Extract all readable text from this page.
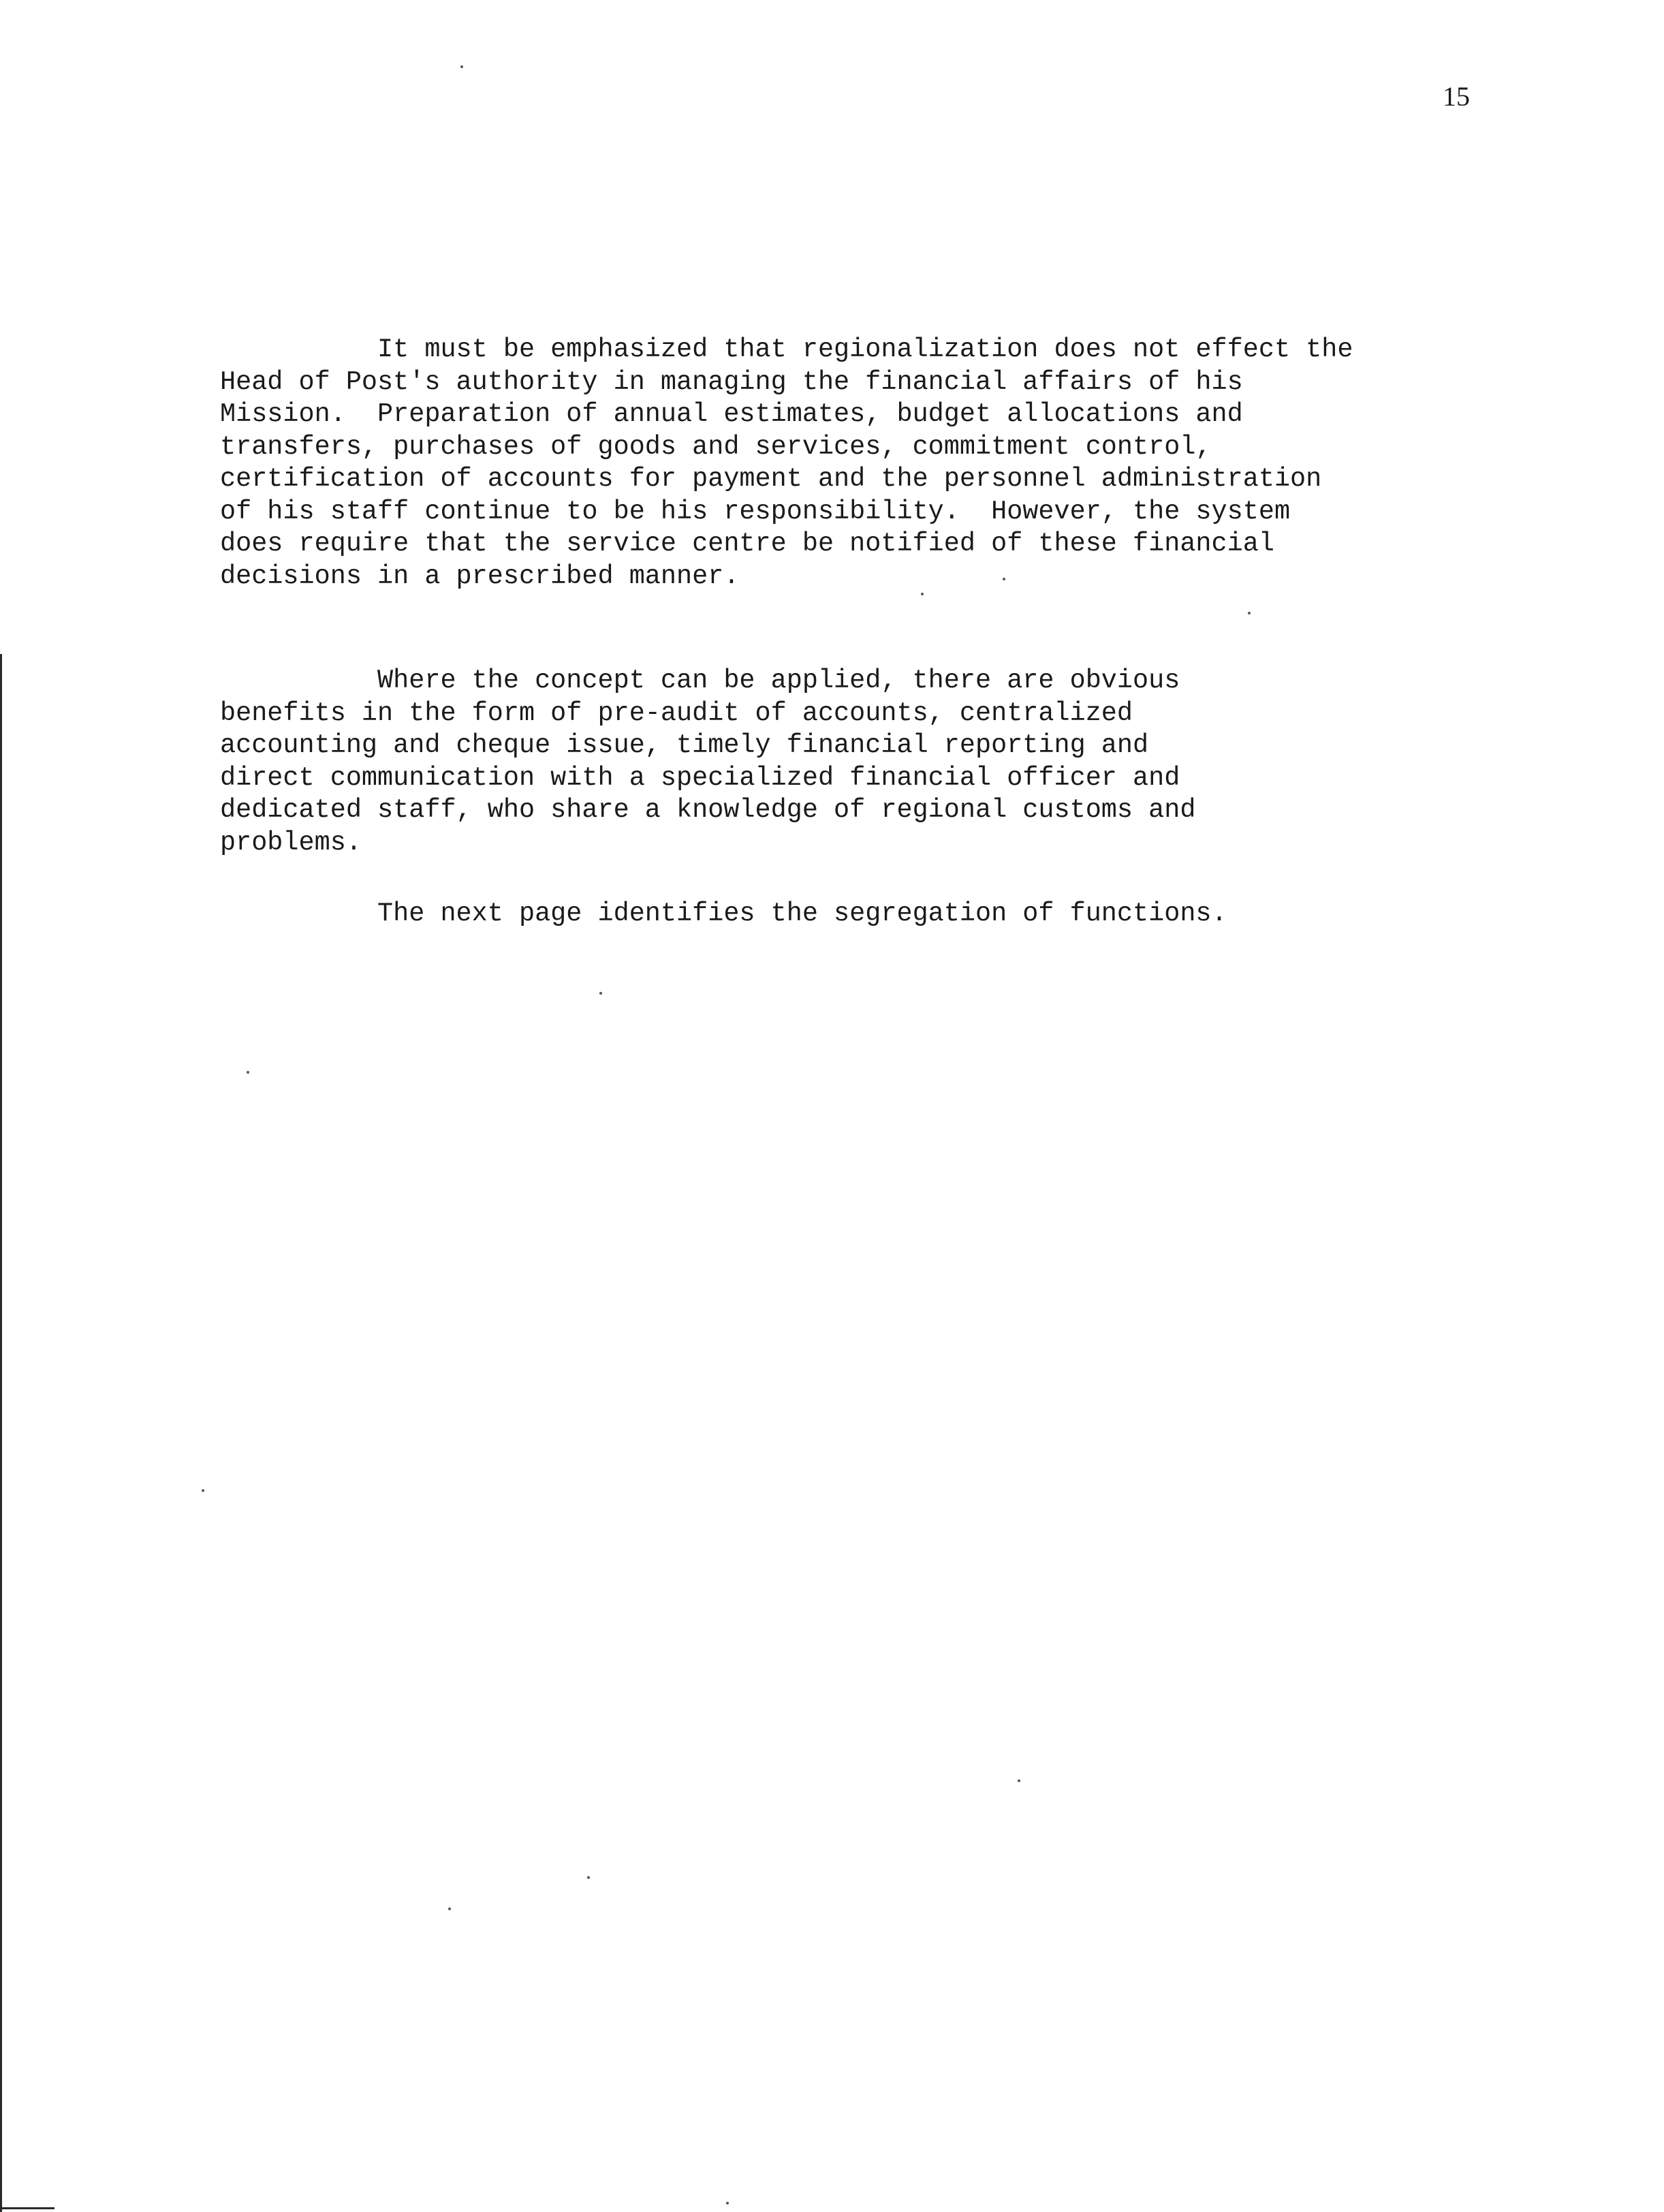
15

It must be emphasized that regionalization does not effect the
Head of Post's authority in managing the financial affairs of his
Mission.  Preparation of annual estimates, budget allocations and
transfers, purchases of goods and services, commitment control,
certification of accounts for payment and the personnel administration
of his staff continue to be his responsibility.  However, the system
does require that the service centre be notified of these financial
decisions in a prescribed manner.

Where the concept can be applied, there are obvious
benefits in the form of pre-audit of accounts, centralized
accounting and cheque issue, timely financial reporting and
direct communication with a specialized financial officer and
dedicated staff, who share a knowledge of regional customs and
problems.

The next page identifies the segregation of functions.
